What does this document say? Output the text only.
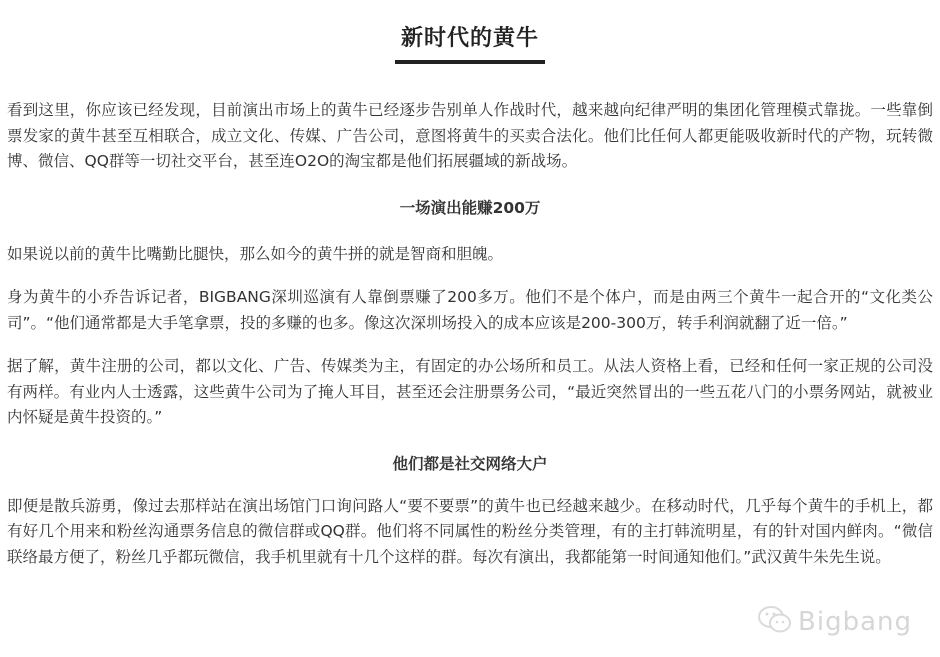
新时代的黄牛

看到这里，你应该已经发现，目前演出市场上的黄牛已经逐步告别单人作战时代，越来越向纪律严明的集团化管理模式靠拢。一些靠倒票发家的黄牛甚至互相联合，成立文化、传媒、广告公司，意图将黄牛的买卖合法化。他们比任何人都更能吸收新时代的产物，玩转微博、微信、QQ群等一切社交平台，甚至连O2O的淘宝都是他们拓展疆域的新战场。

一场演出能赚200万

如果说以前的黄牛比嘴勤比腿快，那么如今的黄牛拼的就是智商和胆魄。

身为黄牛的小乔告诉记者，BIGBANG深圳巡演有人靠倒票赚了200多万。他们不是个体户，而是由两三个黄牛一起合开的“文化类公司”。“他们通常都是大手笔拿票，投的多赚的也多。像这次深圳场投入的成本应该是200-300万，转手利润就翻了近一倍。”

据了解，黄牛注册的公司，都以文化、广告、传媒类为主，有固定的办公场所和员工。从法人资格上看，已经和任何一家正规的公司没有两样。有业内人士透露，这些黄牛公司为了掩人耳目，甚至还会注册票务公司，“最近突然冒出的一些五花八门的小票务网站，就被业内怀疑是黄牛投资的。”

他们都是社交网络大户

即便是散兵游勇，像过去那样站在演出场馆门口询问路人“要不要票”的黄牛也已经越来越少。在移动时代，几乎每个黄牛的手机上，都有好几个用来和粉丝沟通票务信息的微信群或QQ群。他们将不同属性的粉丝分类管理，有的主打韩流明星，有的针对国内鲜肉。“微信联络最方便了，粉丝几乎都玩微信，我手机里就有十几个这样的群。每次有演出，我都能第一时间通知他们。”武汉黄牛朱先生说。

Bigbang
